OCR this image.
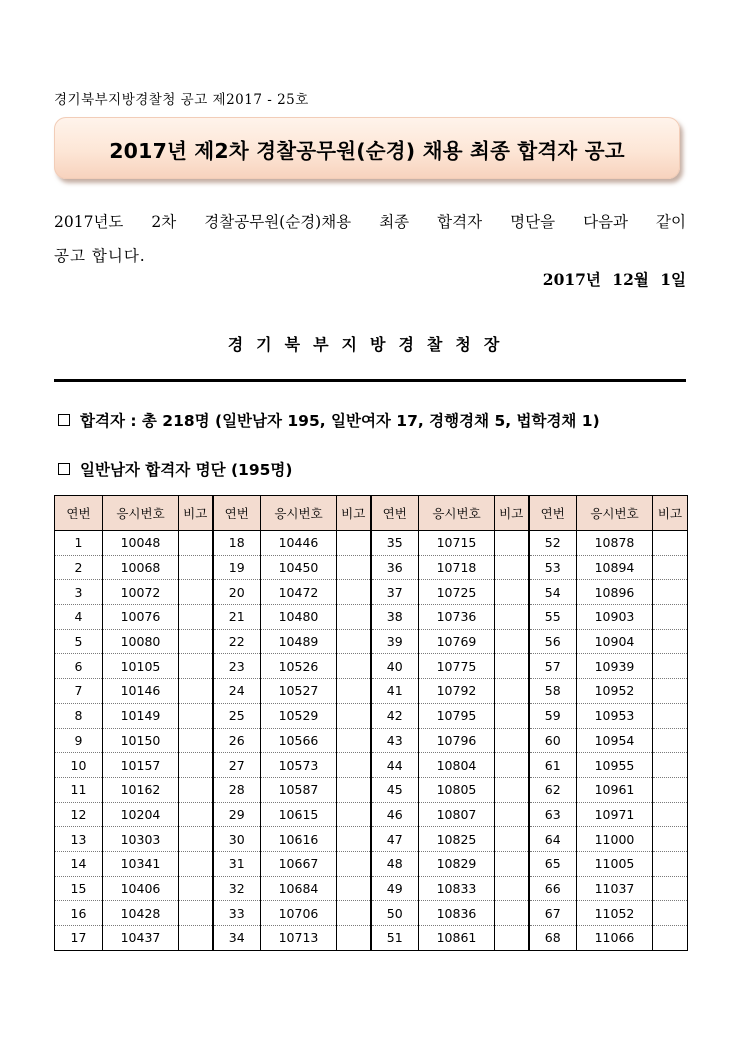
경기북부지방경찰청 공고 제2017 - 25호
2017년 제2차 경찰공무원(순경) 채용 최종 합격자 공고
2017년도 2차 경찰공무원(순경)채용 최종 합격자 명단을 다음과 같이
공고 합니다.
2017년 12월 1일
경기북부지방경찰청장
합격자 : 총 218명 (일반남자 195, 일반여자 17, 경행경채 5, 법학경채 1)
일반남자 합격자 명단 (195명)
연번	응시번호	비고	연번	응시번호	비고	연번	응시번호	비고	연번	응시번호	비고
1	10048		18	10446		35	10715		52	10878	
2	10068		19	10450		36	10718		53	10894	
3	10072		20	10472		37	10725		54	10896	
4	10076		21	10480		38	10736		55	10903	
5	10080		22	10489		39	10769		56	10904	
6	10105		23	10526		40	10775		57	10939	
7	10146		24	10527		41	10792		58	10952	
8	10149		25	10529		42	10795		59	10953	
9	10150		26	10566		43	10796		60	10954	
10	10157		27	10573		44	10804		61	10955	
11	10162		28	10587		45	10805		62	10961	
12	10204		29	10615		46	10807		63	10971	
13	10303		30	10616		47	10825		64	11000	
14	10341		31	10667		48	10829		65	11005	
15	10406		32	10684		49	10833		66	11037	
16	10428		33	10706		50	10836		67	11052	
17	10437		34	10713		51	10861		68	11066	
